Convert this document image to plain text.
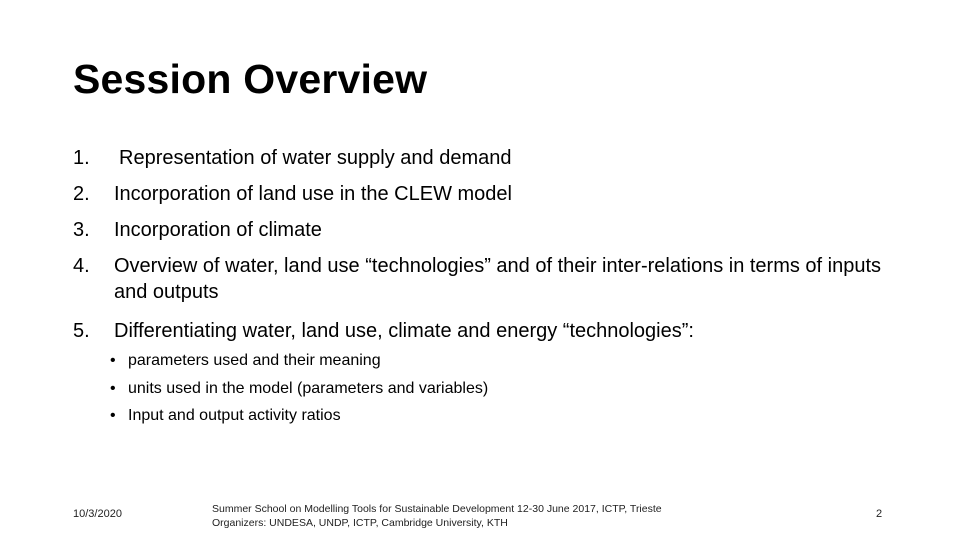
Session Overview
1. Representation of water supply and demand
2. Incorporation of land use in the CLEW model
3. Incorporation of climate
4. Overview of water, land use “technologies” and of their inter-relations in terms of inputs and outputs
5. Differentiating water, land use, climate and energy “technologies”:
• parameters used and their meaning
• units used in the model (parameters and variables)
• Input and output activity ratios
10/3/2020	Summer School on Modelling Tools for Sustainable Development 12-30 June 2017, ICTP, Trieste
Organizers: UNDESA, UNDP, ICTP, Cambridge University, KTH
2
